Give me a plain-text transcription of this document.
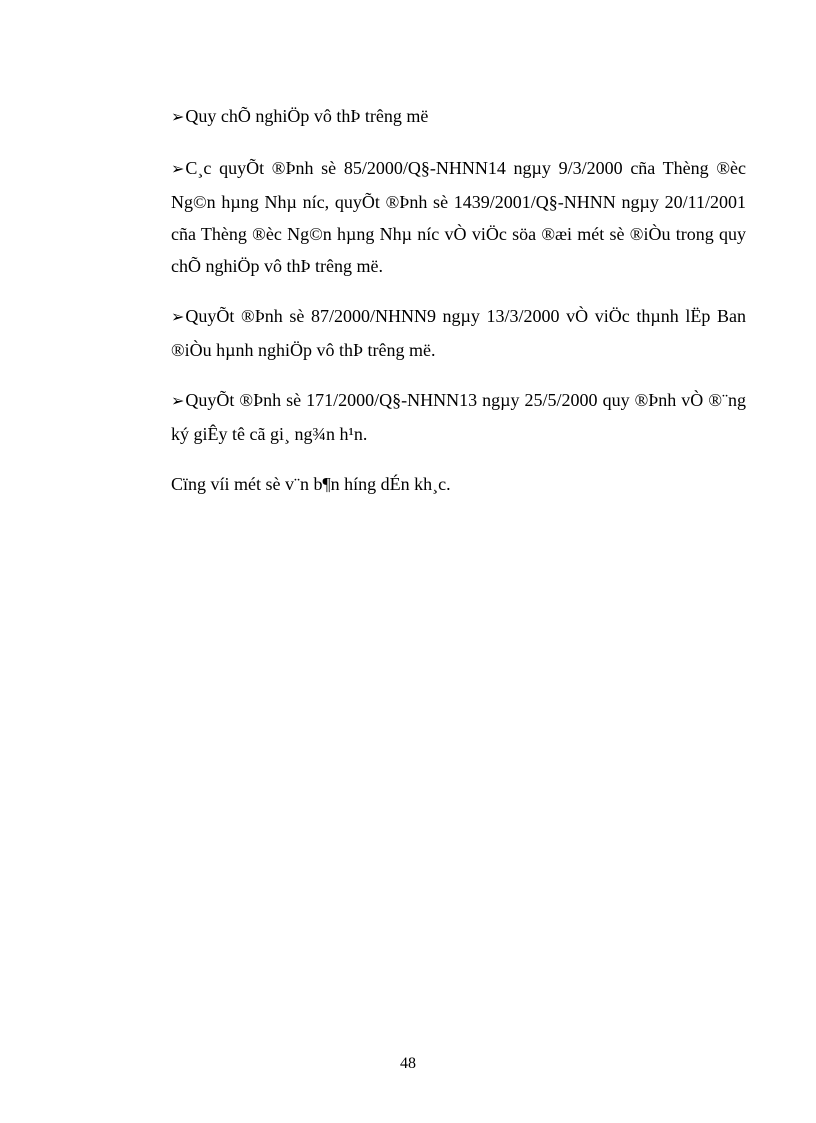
➢Quy chÕ nghiÖp vô thÞ trêng më

➢C¸c quyÕt ®Þnh sè 85/2000/Q§-NHNN14 ngµy 9/3/2000 cña Thèng ®èc Ng©n hµng Nhµ níc, quyÕt ®Þnh sè 1439/2001/Q§-NHNN ngµy 20/11/2001 cña Thèng ®èc Ng©n hµng Nhµ níc vÒ viÖc söa ®æi mét sè ®iÒu trong quy chÕ nghiÖp vô thÞ trêng më.

➢QuyÕt ®Þnh sè 87/2000/NHNN9 ngµy 13/3/2000 vÒ viÖc thµnh lËp Ban ®iÒu hµnh nghiÖp vô thÞ trêng më.

➢QuyÕt ®Þnh sè 171/2000/Q§-NHNN13 ngµy 25/5/2000 quy ®Þnh vÒ ®¨ng ký giÊy tê cã gi¸ ng¾n h¹n.

Cïng víi mét sè v¨n b¶n híng dÉn kh¸c.

48
